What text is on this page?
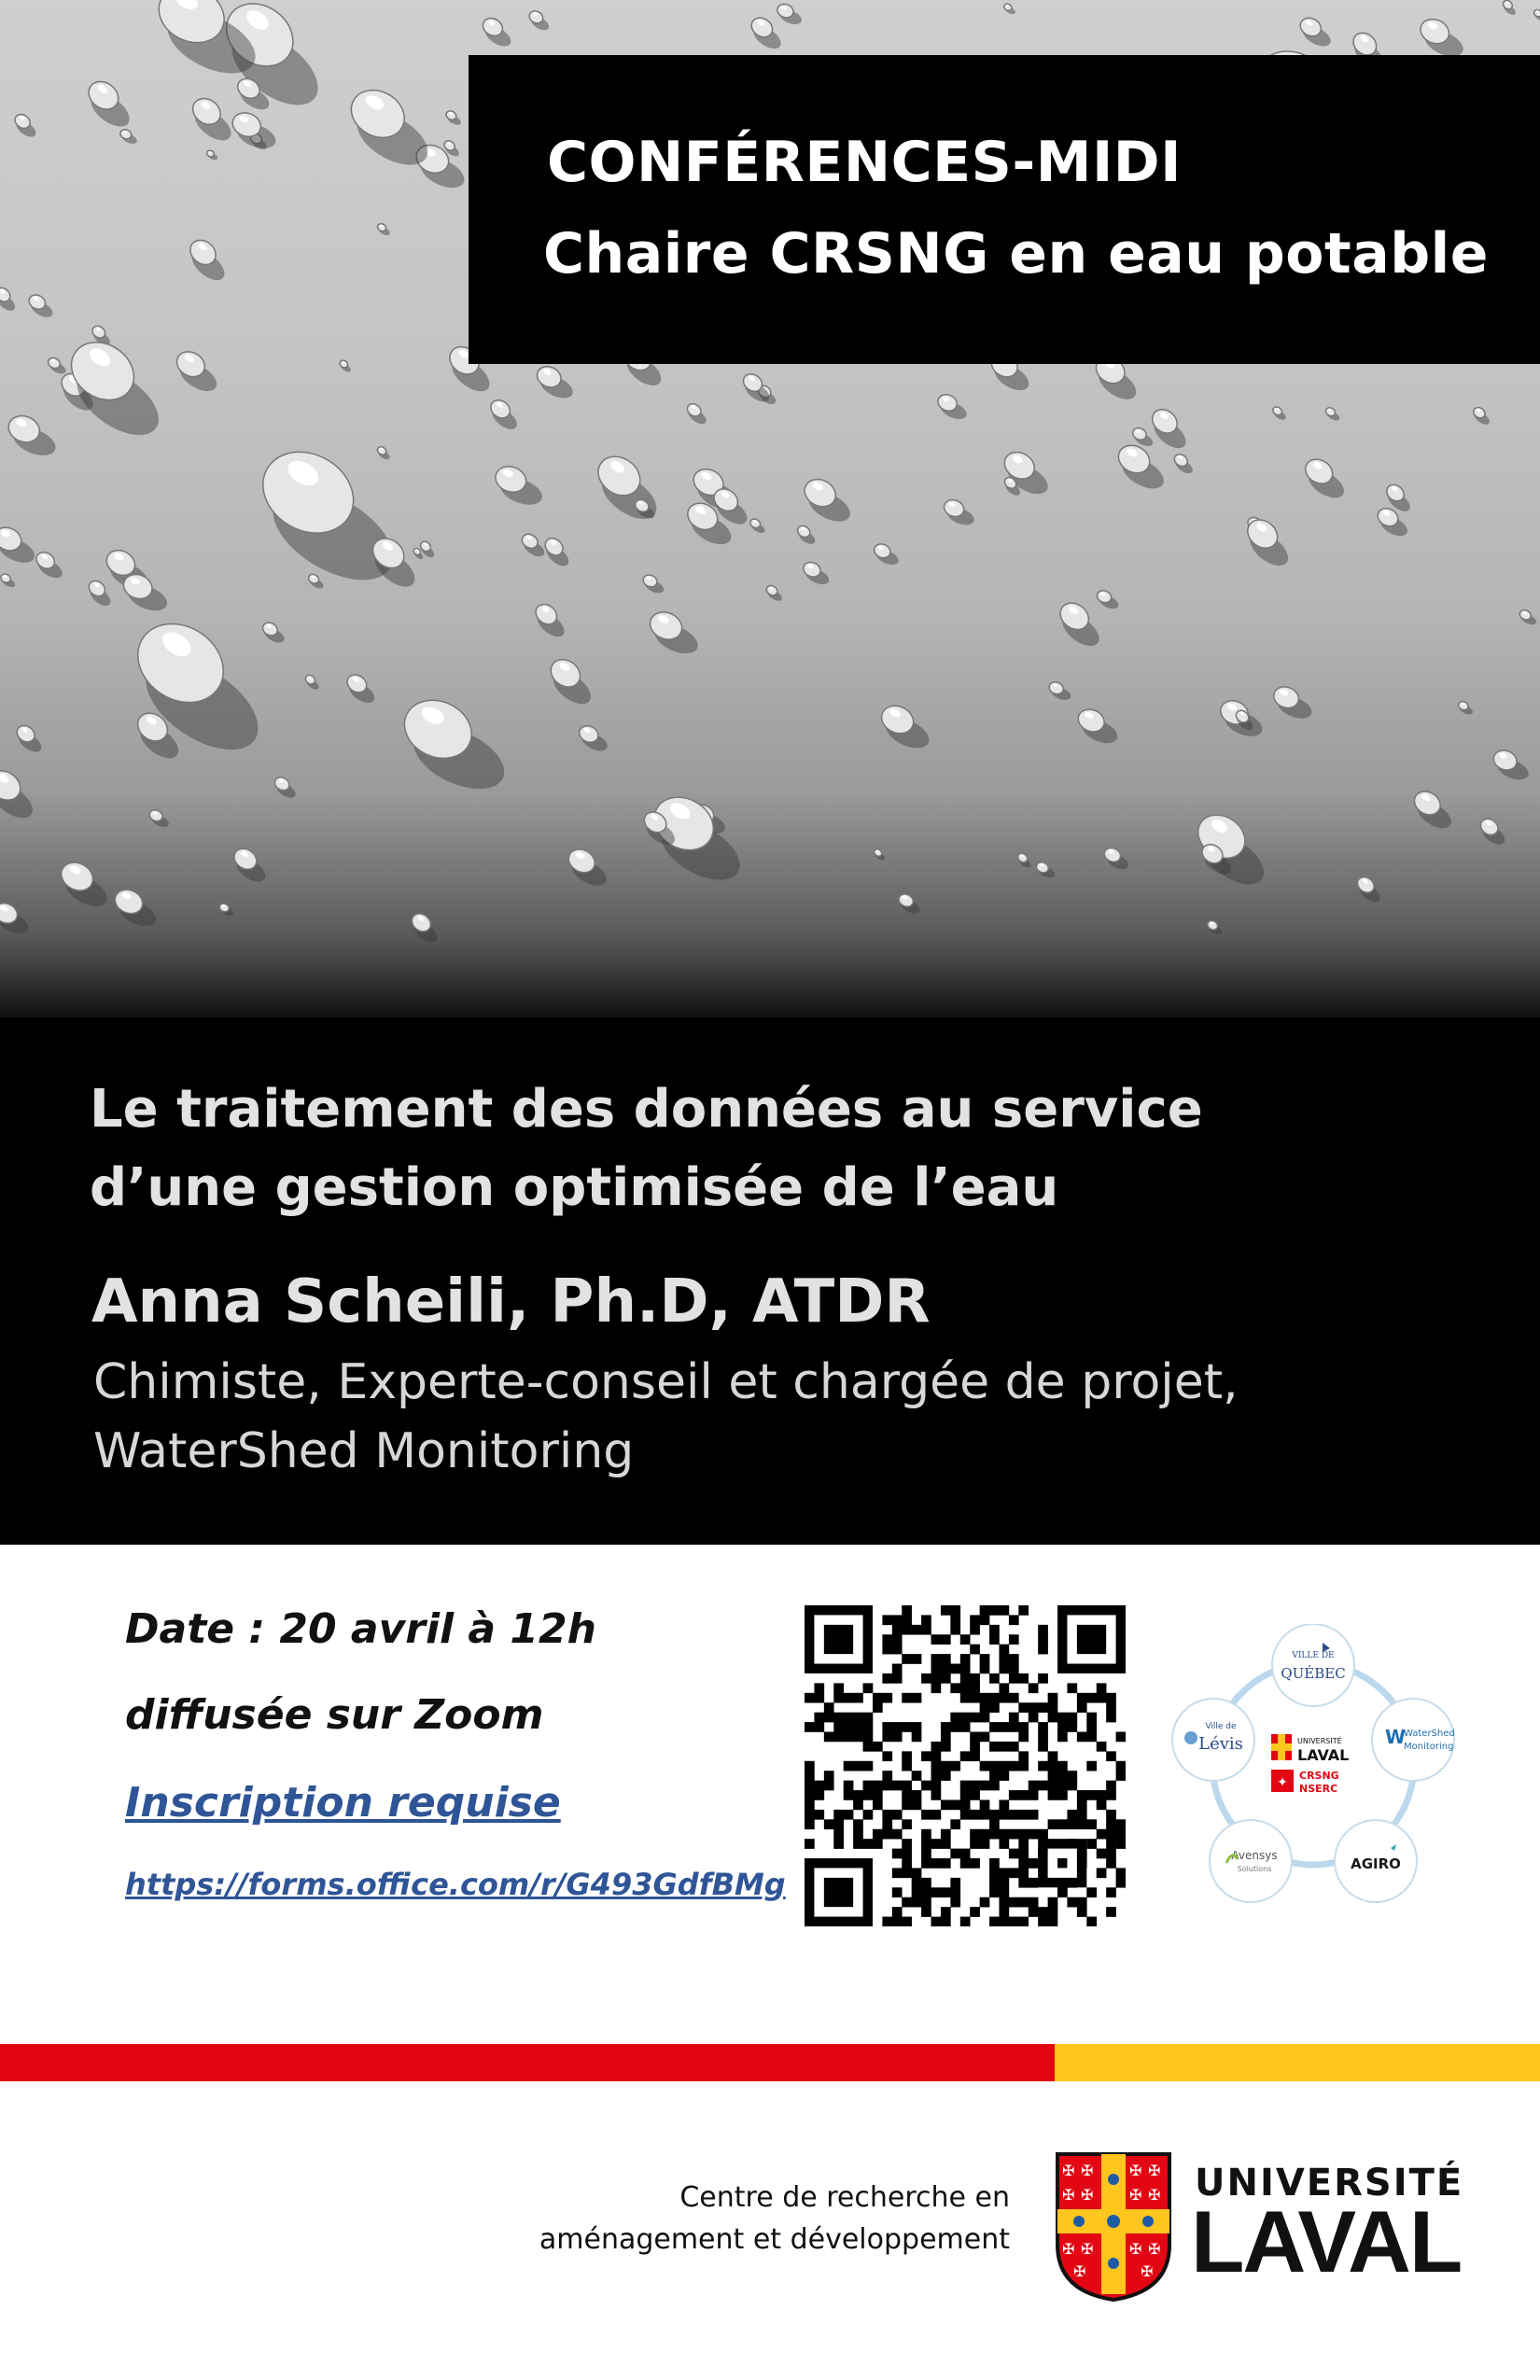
CONFÉRENCES-MIDI
Chaire CRSNG en eau potable
Le traitement des données au service
d’une gestion optimisée de l’eau
Anna Scheili, Ph.D, ATDR
Chimiste, Experte-conseil et chargée de projet,
WaterShed Monitoring
Date : 20 avril à 12h
diffusée sur Zoom
Inscription requise
https://forms.office.com/r/G493GdfBMg
VILLE DE
QUÉBEC
W
WaterShed
Monitoring
AGIRO
Avensys
Solutions
Ville de
Lévis	UNIVERSITÉ
LAVAL
✦ CRSNG
NSERC
Centre de recherche en
aménagement et développement
✠ ✠ ✠ ✠
✠ ✠ ✠ ✠
✠ ✠ ✠ ✠
✠	✠
UNIVERSITÉ
LAVAL
